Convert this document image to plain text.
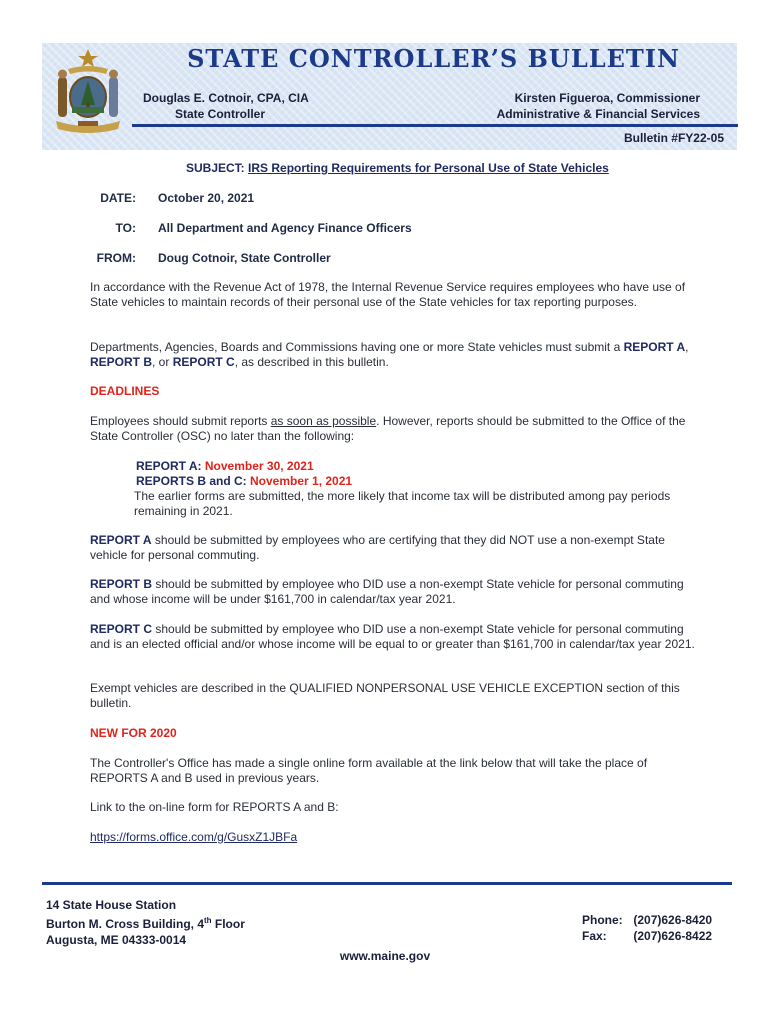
STATE CONTROLLER’S BULLETIN
Douglas E. Cotnoir, CPA, CIA
State Controller
Kirsten Figueroa, Commissioner
Administrative & Financial Services
Bulletin #FY22-05
SUBJECT: IRS Reporting Requirements for Personal Use of State Vehicles
DATE: October 20, 2021
TO: All Department and Agency Finance Officers
FROM: Doug Cotnoir, State Controller
In accordance with the Revenue Act of 1978, the Internal Revenue Service requires employees who have use of State vehicles to maintain records of their personal use of the State vehicles for tax reporting purposes.
Departments, Agencies, Boards and Commissions having one or more State vehicles must submit a REPORT A, REPORT B, or REPORT C, as described in this bulletin.
DEADLINES
Employees should submit reports as soon as possible. However, reports should be submitted to the Office of the State Controller (OSC) no later than the following:
REPORT A: November 30, 2021
REPORTS B and C: November 1, 2021
The earlier forms are submitted, the more likely that income tax will be distributed among pay periods remaining in 2021.
REPORT A should be submitted by employees who are certifying that they did NOT use a non-exempt State vehicle for personal commuting.
REPORT B should be submitted by employee who DID use a non-exempt State vehicle for personal commuting and whose income will be under $161,700 in calendar/tax year 2021.
REPORT C should be submitted by employee who DID use a non-exempt State vehicle for personal commuting and is an elected official and/or whose income will be equal to or greater than $161,700 in calendar/tax year 2021.
Exempt vehicles are described in the QUALIFIED NONPERSONAL USE VEHICLE EXCEPTION section of this bulletin.
NEW FOR 2020
The Controller's Office has made a single online form available at the link below that will take the place of REPORTS A and B used in previous years.
Link to the on-line form for REPORTS A and B:
https://forms.office.com/g/GusxZ1JBFa
14 State House Station
Burton M. Cross Building, 4th Floor
Augusta, ME 04333-0014
Phone: (207)626-8420
Fax: (207)626-8422
www.maine.gov
